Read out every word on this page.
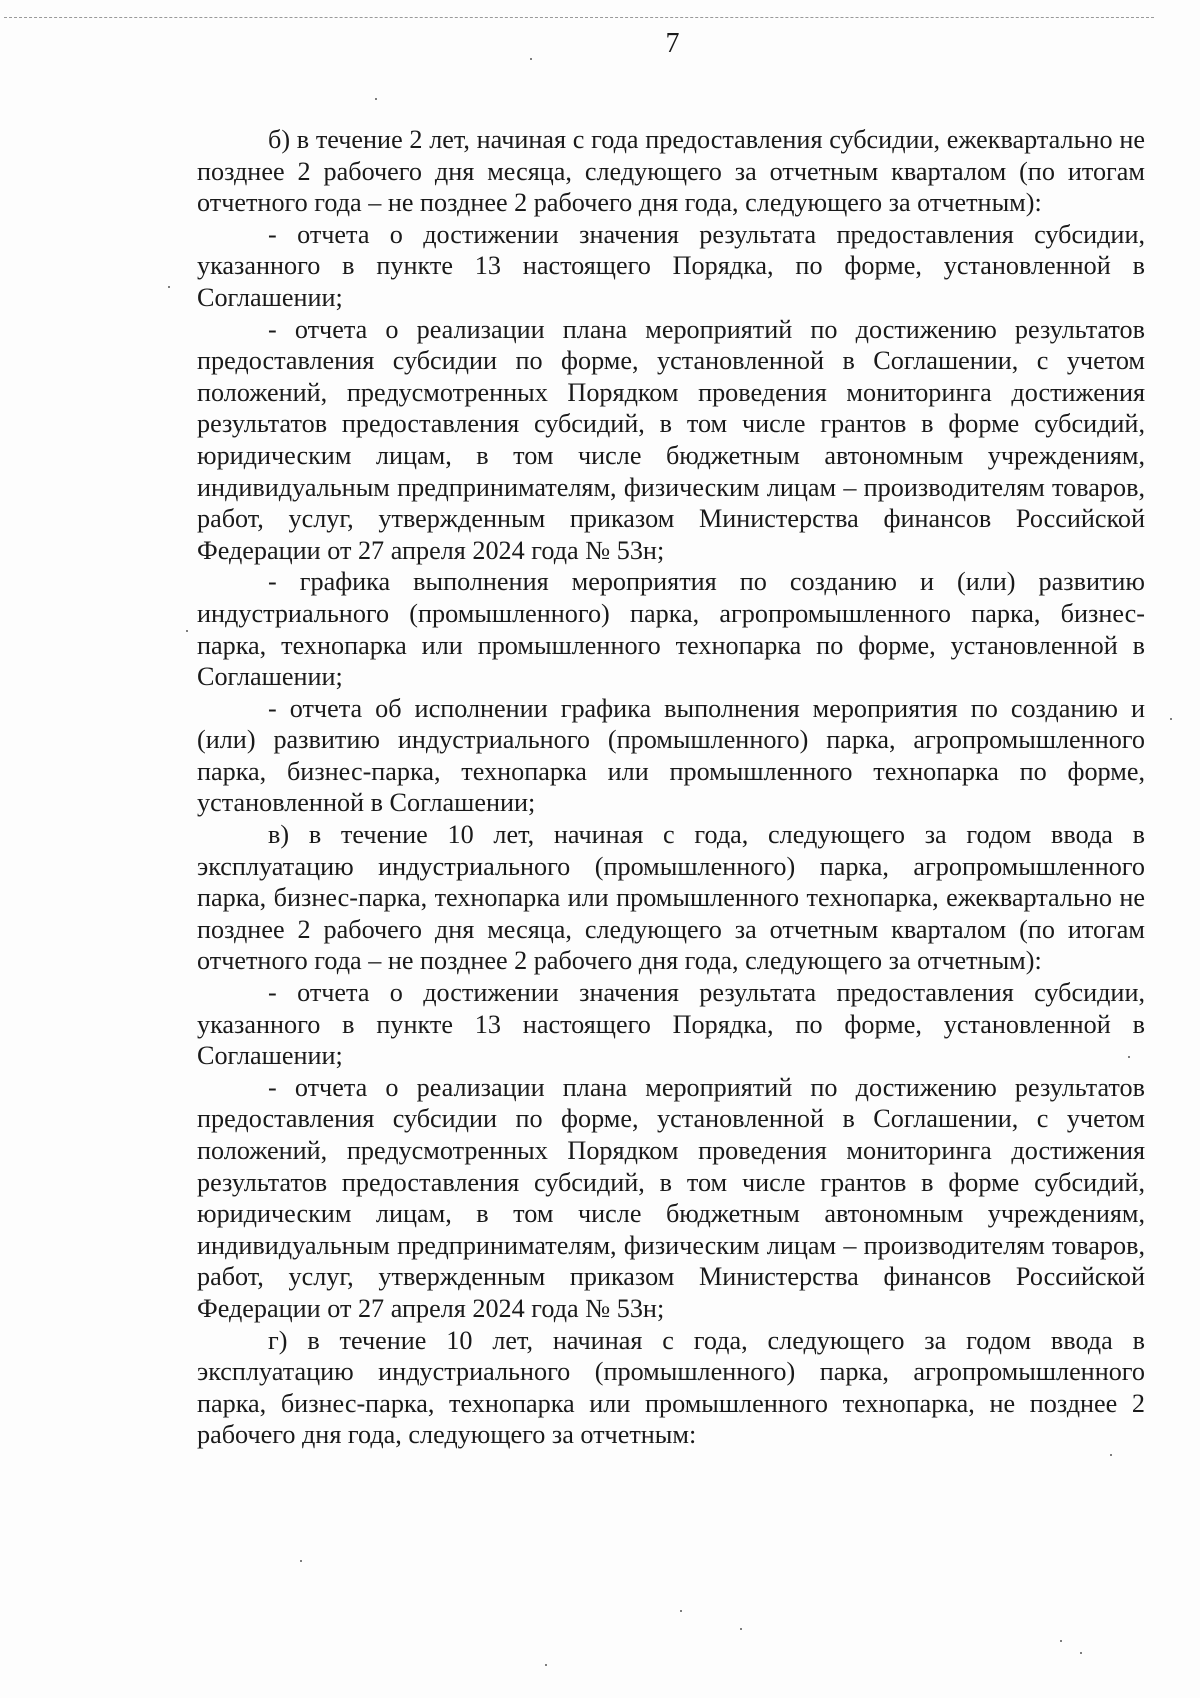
7

б) в течение 2 лет, начиная с года предоставления субсидии, ежеквартально не позднее 2 рабочего дня месяца, следующего за отчетным кварталом (по итогам отчетного года – не позднее 2 рабочего дня года, следующего за отчетным):

- отчета о достижении значения результата предоставления субсидии, указанного в пункте 13 настоящего Порядка, по форме, установленной в Соглашении;

- отчета о реализации плана мероприятий по достижению результатов предоставления субсидии по форме, установленной в Соглашении, с учетом положений, предусмотренных Порядком проведения мониторинга достижения результатов предоставления субсидий, в том числе грантов в форме субсидий, юридическим лицам, в том числе бюджетным автономным учреждениям, индивидуальным предпринимателям, физическим лицам – производителям товаров, работ, услуг, утвержденным приказом Министерства финансов Российской Федерации от 27 апреля 2024 года № 53н;

- графика выполнения мероприятия по созданию и (или) развитию индустриального (промышленного) парка, агропромышленного парка, бизнес-парка, технопарка или промышленного технопарка по форме, установленной в Соглашении;

- отчета об исполнении графика выполнения мероприятия по созданию и (или) развитию индустриального (промышленного) парка, агропромышленного парка, бизнес-парка, технопарка или промышленного технопарка по форме, установленной в Соглашении;

в) в течение 10 лет, начиная с года, следующего за годом ввода в эксплуатацию индустриального (промышленного) парка, агропромышленного парка, бизнес-парка, технопарка или промышленного технопарка, ежеквартально не позднее 2 рабочего дня месяца, следующего за отчетным кварталом (по итогам отчетного года – не позднее 2 рабочего дня года, следующего за отчетным):

- отчета о достижении значения результата предоставления субсидии, указанного в пункте 13 настоящего Порядка, по форме, установленной в Соглашении;

- отчета о реализации плана мероприятий по достижению результатов предоставления субсидии по форме, установленной в Соглашении, с учетом положений, предусмотренных Порядком проведения мониторинга достижения результатов предоставления субсидий, в том числе грантов в форме субсидий, юридическим лицам, в том числе бюджетным автономным учреждениям, индивидуальным предпринимателям, физическим лицам – производителям товаров, работ, услуг, утвержденным приказом Министерства финансов Российской Федерации от 27 апреля 2024 года № 53н;

г) в течение 10 лет, начиная с года, следующего за годом ввода в эксплуатацию индустриального (промышленного) парка, агропромышленного парка, бизнес-парка, технопарка или промышленного технопарка, не позднее 2 рабочего дня года, следующего за отчетным:
